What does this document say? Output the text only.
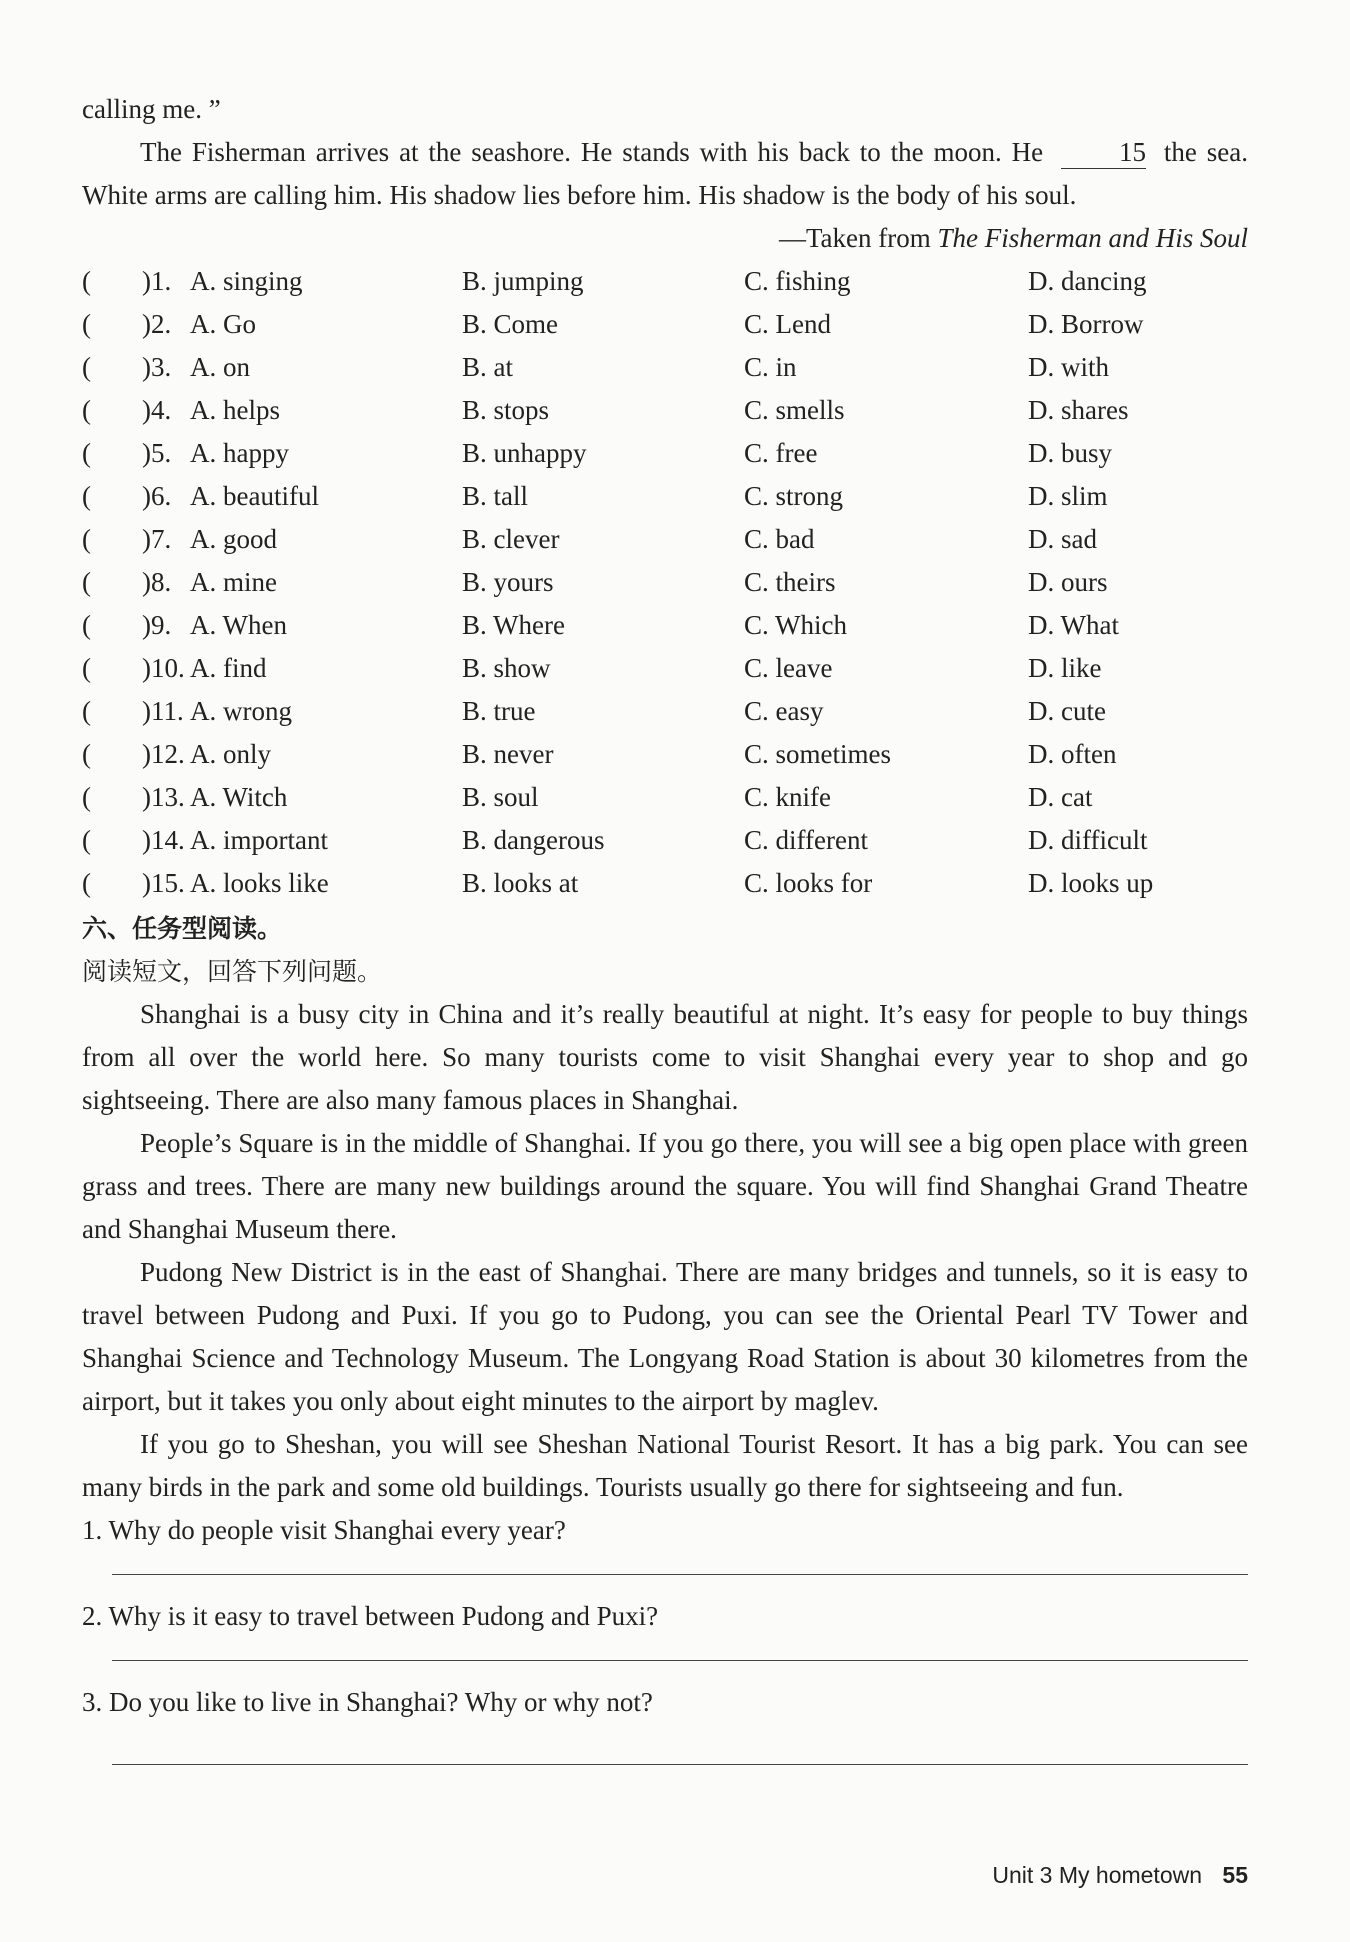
calling me. ”
The Fisherman arrives at the seashore. He stands with his back to the moon. He	15 the sea. White arms are calling him. His shadow lies before him. His shadow is the body of his soul.
—Taken from The Fisherman and His Soul
(	)1. A. singing	B. jumping	C. fishing	D. dancing
(	)2. A. Go	B. Come	C. Lend	D. Borrow
(	)3. A. on	B. at	C. in	D. with
(	)4. A. helps	B. stops	C. smells	D. shares
(	)5. A. happy	B. unhappy	C. free	D. busy
(	)6. A. beautiful	B. tall	C. strong	D. slim
(	)7. A. good	B. clever	C. bad	D. sad
(	)8. A. mine	B. yours	C. theirs	D. ours
(	)9. A. When	B. Where	C. Which	D. What
(	)10. A. find	B. show	C. leave	D. like
(	)11. A. wrong	B. true	C. easy	D. cute
(	)12. A. only	B. never	C. sometimes	D. often
(	)13. A. Witch	B. soul	C. knife	D. cat
(	)14. A. important	B. dangerous	C. different	D. difficult
(	)15. A. looks like	B. looks at	C. looks for	D. looks up
六、任务型阅读。
阅读短文，回答下列问题。
Shanghai is a busy city in China and it’s really beautiful at night. It’s easy for people to buy things from all over the world here. So many tourists come to visit Shanghai every year to shop and go sightseeing. There are also many famous places in Shanghai.
People’s Square is in the middle of Shanghai. If you go there, you will see a big open place with green grass and trees. There are many new buildings around the square. You will find Shanghai Grand Theatre and Shanghai Museum there.
Pudong New District is in the east of Shanghai. There are many bridges and tunnels, so it is easy to travel between Pudong and Puxi. If you go to Pudong, you can see the Oriental Pearl TV Tower and Shanghai Science and Technology Museum. The Longyang Road Station is about 30 kilometres from the airport, but it takes you only about eight minutes to the airport by maglev.
If you go to Sheshan, you will see Sheshan National Tourist Resort. It has a big park. You can see many birds in the park and some old buildings. Tourists usually go there for sightseeing and fun.
1. Why do people visit Shanghai every year?
2. Why is it easy to travel between Pudong and Puxi?
3. Do you like to live in Shanghai? Why or why not?
Unit 3 My hometown 55
